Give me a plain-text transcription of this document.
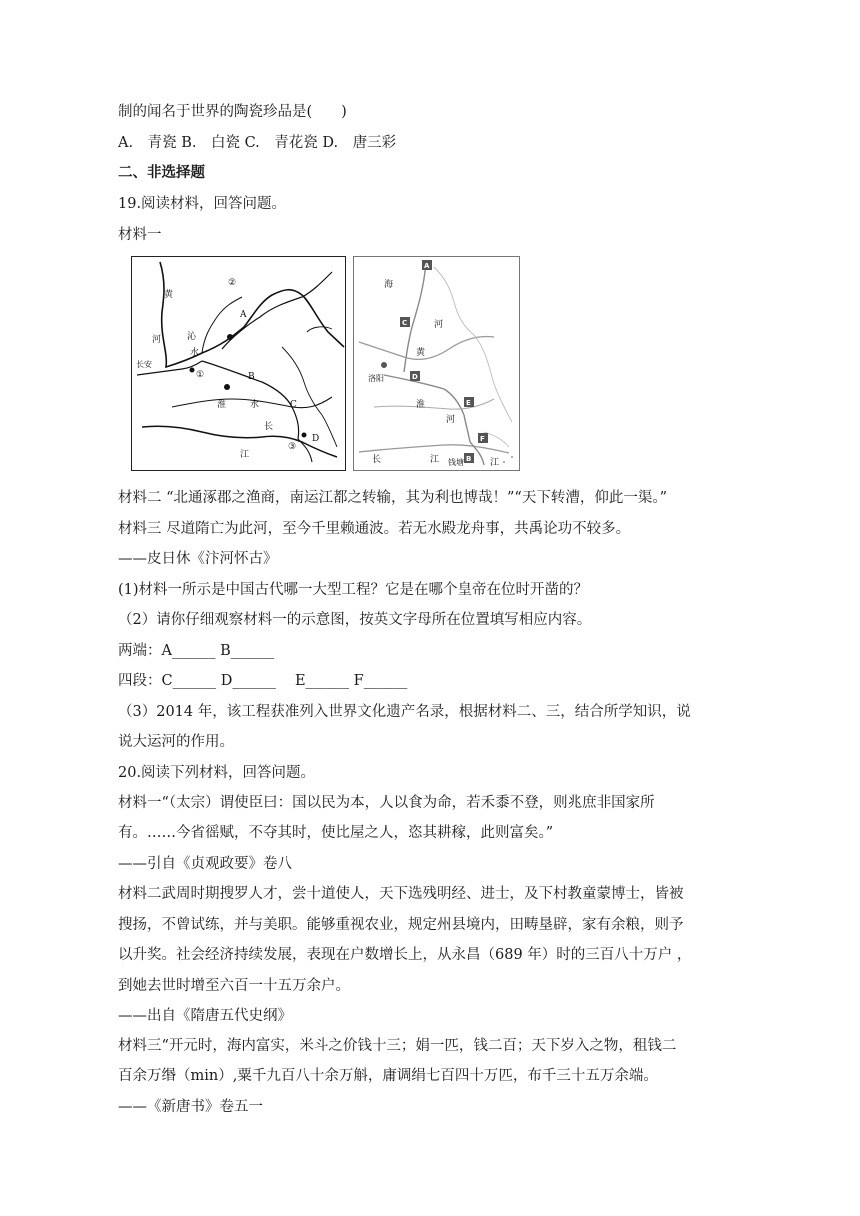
制的闻名于世界的陶瓷珍品是(　　)
A.　青瓷 B.　白瓷 C.　青花瓷 D.　唐三彩
二、非选择题
19.阅读材料，回答问题。
材料一
黄
河	沁
水
长安
淮	水
长
江
A
B
C
D
①
②
③
A
C
D
E
F
B
海
河
黄
洛阳
淮
河
长	江 钱塘	江
材料二 “北通涿郡之渔商，南运江都之转输，其为利也博哉！”“天下转漕，仰此一渠。”
材料三 尽道隋亡为此河，至今千里赖通波。若无水殿龙舟事，共禹论功不较多。
——皮日休《汴河怀古》
(1)材料一所示是中国古代哪一大型工程？它是在哪个皇帝在位时开凿的？
（2）请你仔细观察材料一的示意图，按英文字母所在位置填写相应内容。
两端：A______ B______
四段：C______ D______　 E______ F______
（3）2014 年，该工程获准列入世界文化遗产名录，根据材料二、三，结合所学知识，说
说大运河的作用。
20.阅读下列材料，回答问题。
材料一“（太宗）谓使臣曰：国以民为本，人以食为命，若禾黍不登，则兆庶非国家所
有。……今省徭赋，不夺其时，使比屋之人，恣其耕稼，此则富矣。”
——引自《贞观政要》卷八
材料二武周时期搜罗人才，尝十道使人，天下选残明经、进士，及下村教童蒙博士，皆被
搜扬，不曾试练，并与美职。能够重视农业，规定州县境内，田畴垦辟，家有余粮，则予
以升奖。社会经济持续发展，表现在户数增长上，从永昌（689 年）时的三百八十万户 ，
到她去世时增至六百一十五万余户。
——出自《隋唐五代史纲》
材料三“开元时，海内富实，米斗之价钱十三；娟一匹，钱二百；天下岁入之物，租钱二
百余万缗（min）,粟千九百八十余万斛，庸调绢七百四十万匹，布千三十五万余端。
——《新唐书》卷五一
